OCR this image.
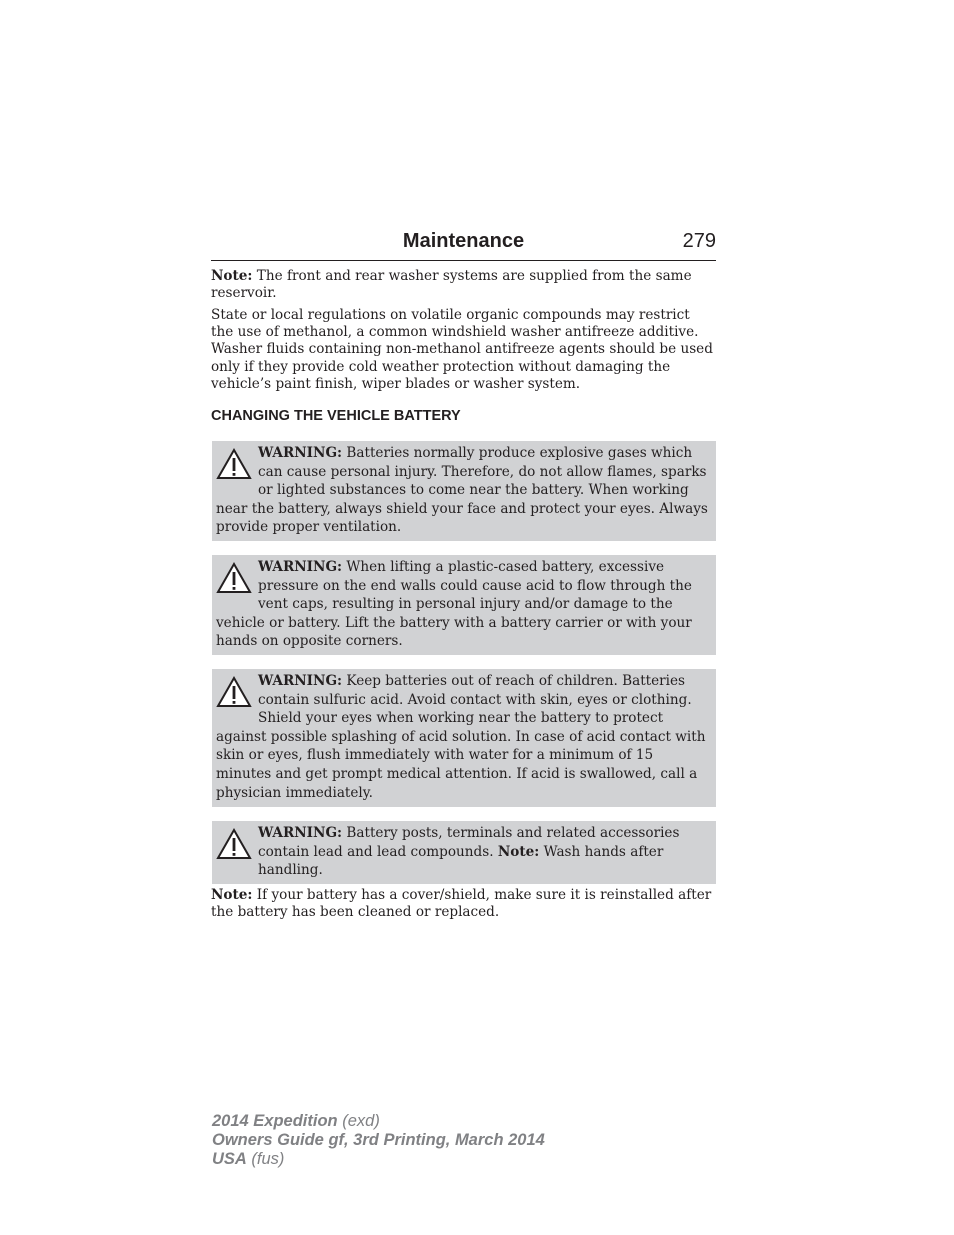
Maintenance	279

Note: The front and rear washer systems are supplied from the same reservoir.

State or local regulations on volatile organic compounds may restrict the use of methanol, a common windshield washer antifreeze additive. Washer fluids containing non-methanol antifreeze agents should be used only if they provide cold weather protection without damaging the vehicle’s paint finish, wiper blades or washer system.

CHANGING THE VEHICLE BATTERY

WARNING: Batteries normally produce explosive gases which can cause personal injury. Therefore, do not allow flames, sparks or lighted substances to come near the battery. When working near the battery, always shield your face and protect your eyes. Always provide proper ventilation.

WARNING: When lifting a plastic-cased battery, excessive pressure on the end walls could cause acid to flow through the vent caps, resulting in personal injury and/or damage to the vehicle or battery. Lift the battery with a battery carrier or with your hands on opposite corners.

WARNING: Keep batteries out of reach of children. Batteries contain sulfuric acid. Avoid contact with skin, eyes or clothing. Shield your eyes when working near the battery to protect against possible splashing of acid solution. In case of acid contact with skin or eyes, flush immediately with water for a minimum of 15 minutes and get prompt medical attention. If acid is swallowed, call a physician immediately.

WARNING: Battery posts, terminals and related accessories contain lead and lead compounds. Note: Wash hands after handling.

Note: If your battery has a cover/shield, make sure it is reinstalled after the battery has been cleaned or replaced.

2014 Expedition (exd)
Owners Guide gf, 3rd Printing, March 2014
USA (fus)
